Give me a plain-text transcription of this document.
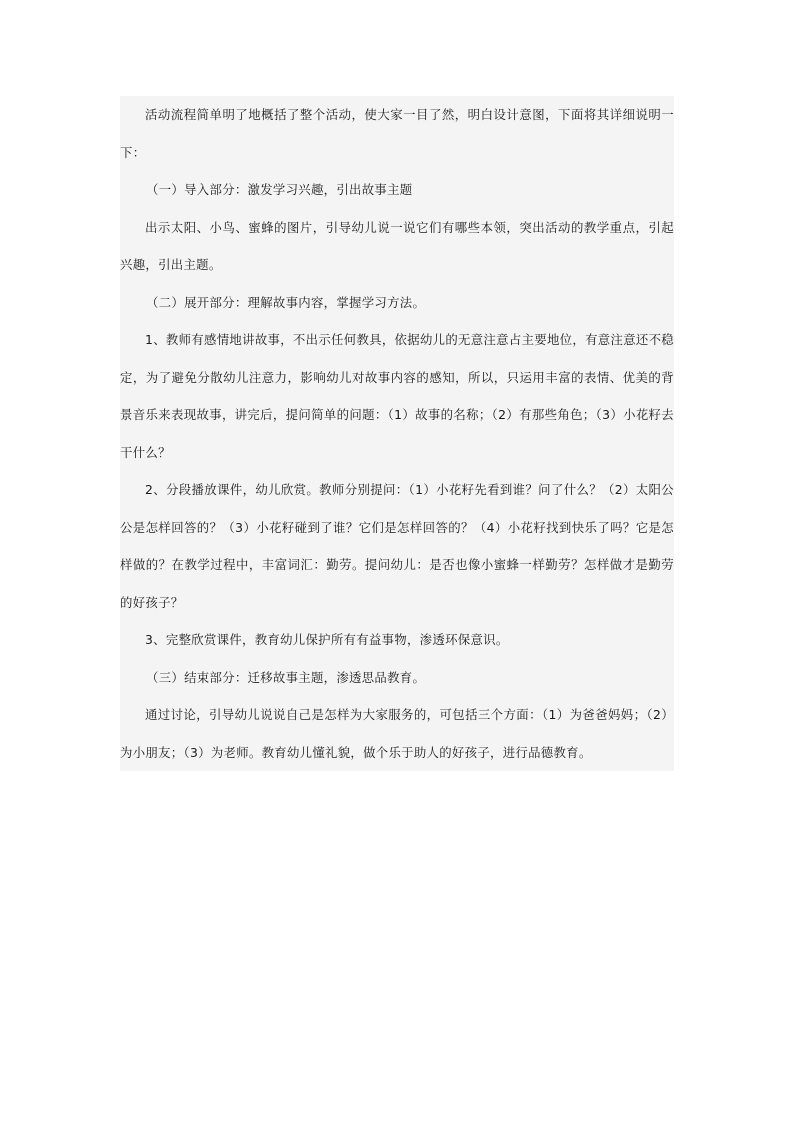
活动流程简单明了地概括了整个活动，使大家一目了然，明白设计意图，下面将其详细说明一下：

（一）导入部分：激发学习兴趣，引出故事主题

出示太阳、小鸟、蜜蜂的图片，引导幼儿说一说它们有哪些本领，突出活动的教学重点，引起兴趣，引出主题。

（二）展开部分：理解故事内容，掌握学习方法。

1、教师有感情地讲故事，不出示任何教具，依据幼儿的无意注意占主要地位，有意注意还不稳定，为了避免分散幼儿注意力，影响幼儿对故事内容的感知，所以，只运用丰富的表情、优美的背景音乐来表现故事，讲完后，提问简单的问题：（1）故事的名称；（2）有那些角色；（3）小花籽去干什么？

2、分段播放课件，幼儿欣赏。教师分别提问：（1）小花籽先看到谁？问了什么？（2）太阳公公是怎样回答的？（3）小花籽碰到了谁？它们是怎样回答的？（4）小花籽找到快乐了吗？它是怎样做的？在教学过程中，丰富词汇：勤劳。提问幼儿：是否也像小蜜蜂一样勤劳？怎样做才是勤劳的好孩子？

3、完整欣赏课件，教育幼儿保护所有有益事物，渗透环保意识。

（三）结束部分：迁移故事主题，渗透思品教育。

通过讨论，引导幼儿说说自己是怎样为大家服务的，可包括三个方面：（1）为爸爸妈妈；（2）为小朋友；（3）为老师。教育幼儿懂礼貌，做个乐于助人的好孩子，进行品德教育。
